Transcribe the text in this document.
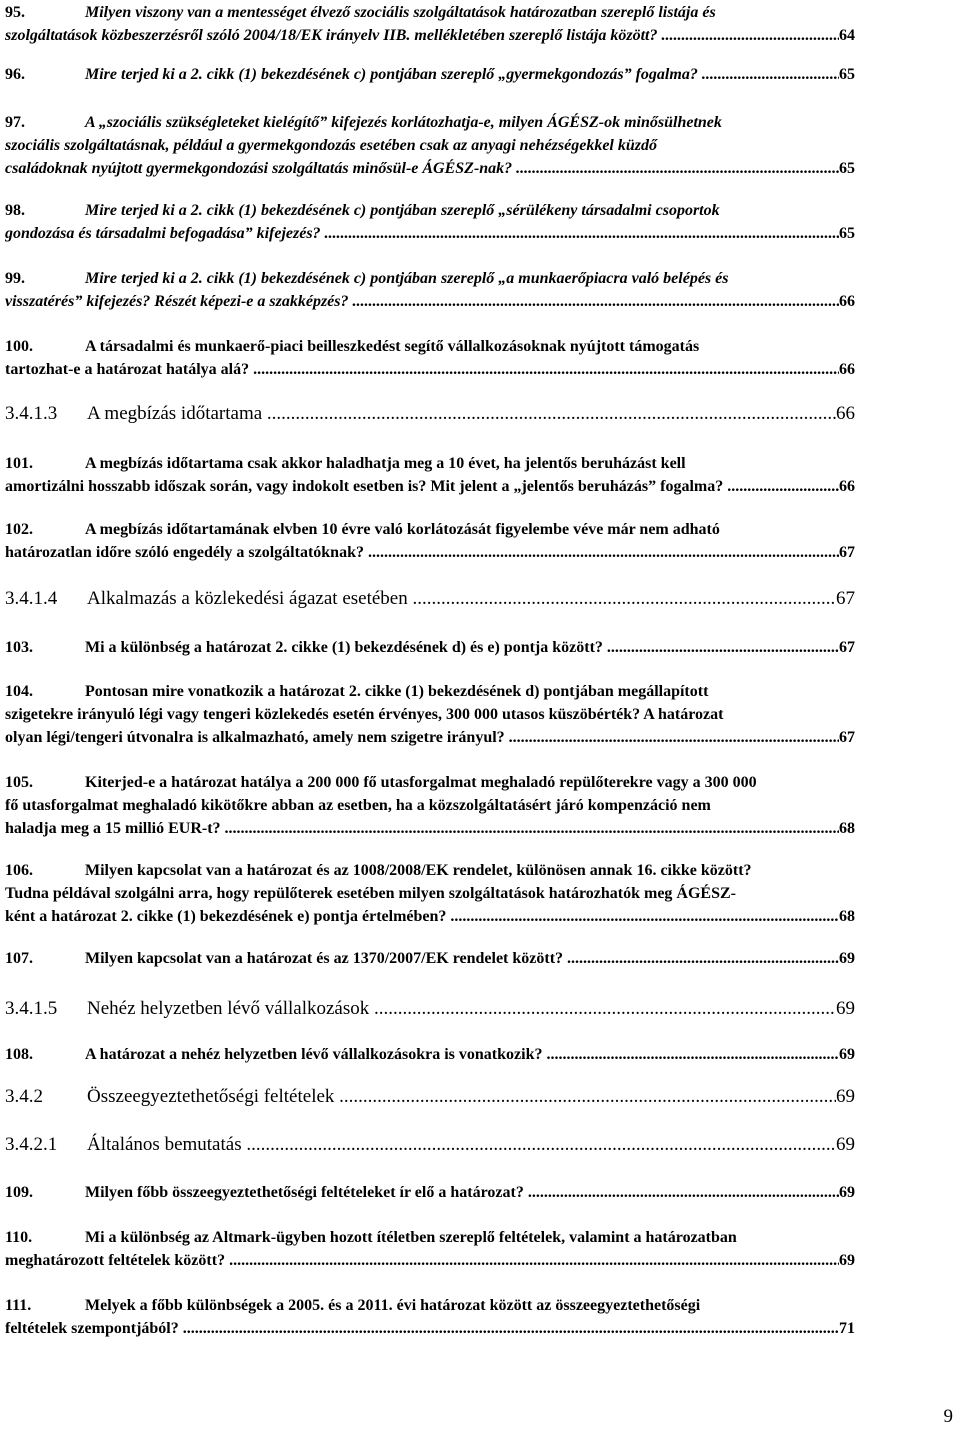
95.	Milyen viszony van a mentességet élvező szociális szolgáltatások határozatban szereplő listája és
szolgáltatások közbeszerzésről szóló 2004/18/EK irányelv IIB. mellékletében szereplő listája között? .....	64
96.	Mire terjed ki a 2. cikk (1) bekezdésének c) pontjában szereplő „gyermekgondozás” fogalma? .....	65
97.	A „szociális szükségleteket kielégítő” kifejezés korlátozhatja-e, milyen ÁGÉSZ-ok minősülhetnek
szociális szolgáltatásnak, például a gyermekgondozás esetében csak az anyagi nehézségekkel küzdő
családoknak nyújtott gyermekgondozási szolgáltatás minősül-e ÁGÉSZ-nak? .....	65
98.	Mire terjed ki a 2. cikk (1) bekezdésének c) pontjában szereplő „sérülékeny társadalmi csoportok
gondozása és társadalmi befogadása” kifejezés? .....	65
99.	Mire terjed ki a 2. cikk (1) bekezdésének c) pontjában szereplő „a munkaerőpiacra való belépés és
visszatérés” kifejezés? Részét képezi-e a szakképzés? .....	66
100.	A társadalmi és munkaerő-piaci beilleszkedést segítő vállalkozásoknak nyújtott támogatás
tartozhat-e a határozat hatálya alá? .....	66
3.4.1.3 A megbízás időtartama .....	66
101.	A megbízás időtartama csak akkor haladhatja meg a 10 évet, ha jelentős beruházást kell
amortizálni hosszabb időszak során, vagy indokolt esetben is? Mit jelent a „jelentős beruházás” fogalma? .....	66
102.	A megbízás időtartamának elvben 10 évre való korlátozását figyelembe véve már nem adható
határozatlan időre szóló engedély a szolgáltatóknak? .....	67
3.4.1.4 Alkalmazás a közlekedési ágazat esetében .....	67
103.	Mi a különbség a határozat 2. cikke (1) bekezdésének d) és e) pontja között? .....	67
104.	Pontosan mire vonatkozik a határozat 2. cikke (1) bekezdésének d) pontjában megállapított
szigetekre irányuló légi vagy tengeri közlekedés esetén érvényes, 300 000 utasos küszöbérték? A határozat
olyan légi/tengeri útvonalra is alkalmazható, amely nem szigetre irányul? .....	67
105.	Kiterjed-e a határozat hatálya a 200 000 fő utasforgalmat meghaladó repülőterekre vagy a 300 000
fő utasforgalmat meghaladó kikötőkre abban az esetben, ha a közszolgáltatásért járó kompenzáció nem
haladja meg a 15 millió EUR-t? .....	68
106.	Milyen kapcsolat van a határozat és az 1008/2008/EK rendelet, különösen annak 16. cikke között?
Tudna példával szolgálni arra, hogy repülőterek esetében milyen szolgáltatások határozhatók meg ÁGÉSZ-
ként a határozat 2. cikke (1) bekezdésének e) pontja értelmében? .....	68
107.	Milyen kapcsolat van a határozat és az 1370/2007/EK rendelet között? .....	69
3.4.1.5 Nehéz helyzetben lévő vállalkozások .....	69
108.	A határozat a nehéz helyzetben lévő vállalkozásokra is vonatkozik? .....	69
3.4.2 Összeegyeztethetőségi feltételek .....	69
3.4.2.1 Általános bemutatás .....	69
109.	Milyen főbb összeegyeztethetőségi feltételeket ír elő a határozat? .....	69
110.	Mi a különbség az Altmark-ügyben hozott ítéletben szereplő feltételek, valamint a határozatban
meghatározott feltételek között? .....	69
111.	Melyek a főbb különbségek a 2005. és a 2011. évi határozat között az összeegyeztethetőségi
feltételek szempontjából? .....	71
9
